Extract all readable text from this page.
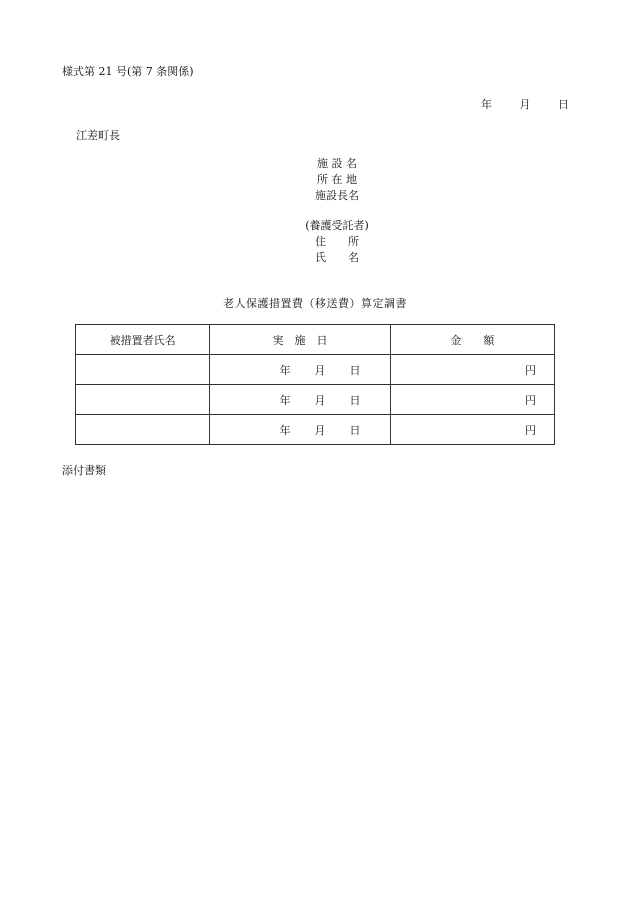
様式第 21 号(第 7 条関係)
年	月	日
江差町長
施 設 名
所 在 地
施設長名
(養護受託者)
住　　所
氏　　名
老人保護措置費（移送費）算定調書
被措置者氏名	実　施　日	金　　額
	年 月 日	円
	年 月 日	円
	年 月 日	円
添付書類
